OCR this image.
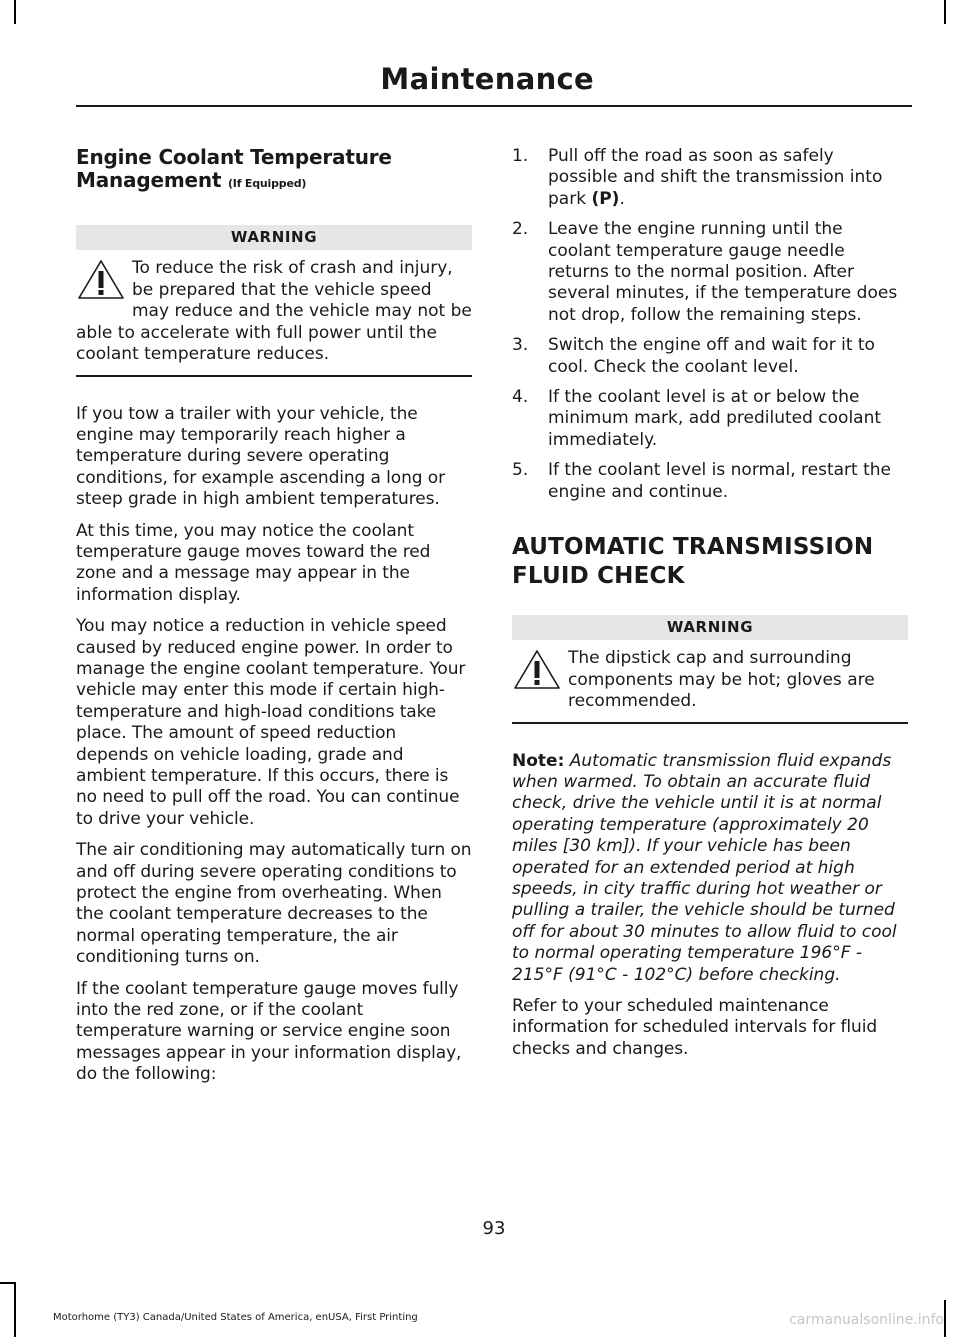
Maintenance
Engine Coolant Temperature Management (If Equipped)
WARNING
To reduce the risk of crash and injury, be prepared that the vehicle speed may reduce and the vehicle may not be able to accelerate with full power until the coolant temperature reduces.

If you tow a trailer with your vehicle, the engine may temporarily reach higher a temperature during severe operating conditions, for example ascending a long or steep grade in high ambient temperatures.

At this time, you may notice the coolant temperature gauge moves toward the red zone and a message may appear in the information display.

You may notice a reduction in vehicle speed caused by reduced engine power. In order to manage the engine coolant temperature. Your vehicle may enter this mode if certain high-temperature and high-load conditions take place. The amount of speed reduction depends on vehicle loading, grade and ambient temperature. If this occurs, there is no need to pull off the road. You can continue to drive your vehicle.

The air conditioning may automatically turn on and off during severe operating conditions to protect the engine from overheating. When the coolant temperature decreases to the normal operating temperature, the air conditioning turns on.

If the coolant temperature gauge moves fully into the red zone, or if the coolant temperature warning or service engine soon messages appear in your information display, do the following:

1. Pull off the road as soon as safely possible and shift the transmission into park (P).
2. Leave the engine running until the coolant temperature gauge needle returns to the normal position. After several minutes, if the temperature does not drop, follow the remaining steps.
3. Switch the engine off and wait for it to cool. Check the coolant level.
4. If the coolant level is at or below the minimum mark, add prediluted coolant immediately.
5. If the coolant level is normal, restart the engine and continue.
AUTOMATIC TRANSMISSION
FLUID CHECK
WARNING
The dipstick cap and surrounding components may be hot; gloves are recommended.

Note: Automatic transmission fluid expands when warmed. To obtain an accurate fluid check, drive the vehicle until it is at normal operating temperature (approximately 20 miles [30 km]). If your vehicle has been operated for an extended period at high speeds, in city traffic during hot weather or pulling a trailer, the vehicle should be turned off for about 30 minutes to allow fluid to cool to normal operating temperature 196°F - 215°F (91°C - 102°C) before checking.

Refer to your scheduled maintenance information for scheduled intervals for fluid checks and changes.

93
Motorhome (TY3) Canada/United States of America, enUSA, First Printing	carmanualsonline.info
